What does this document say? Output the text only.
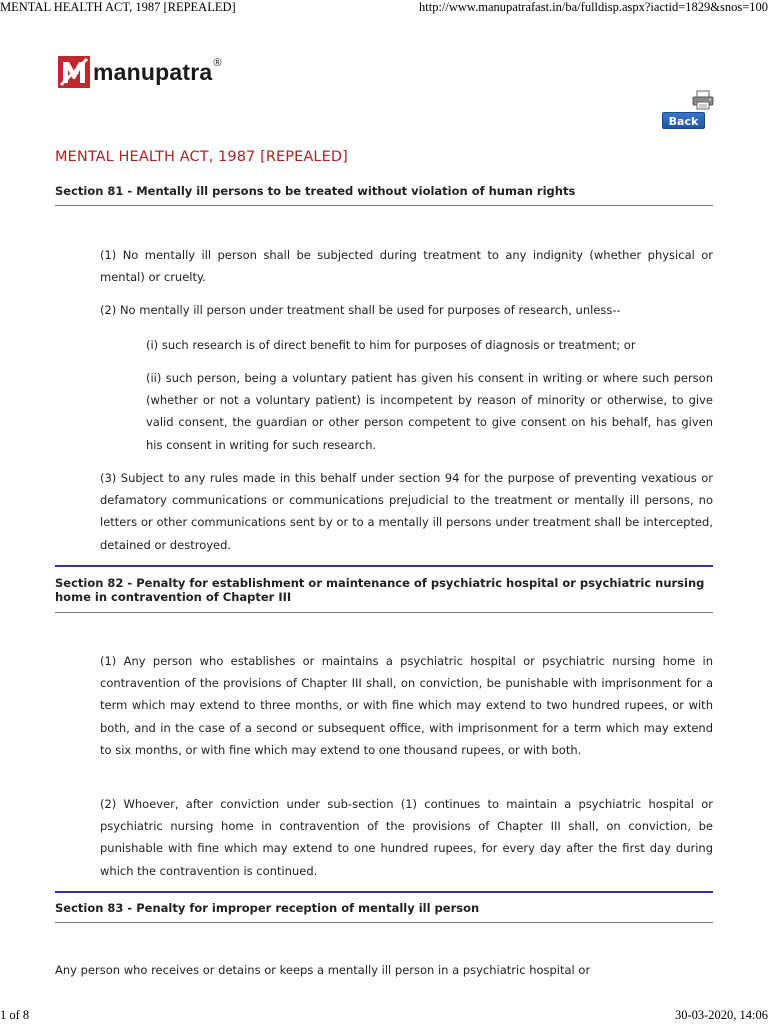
MENTAL HEALTH ACT, 1987 [REPEALED]	http://www.manupatrafast.in/ba/fulldisp.aspx?iactid=1829&snos=100
manupatra ®
Back
MENTAL HEALTH ACT, 1987 [REPEALED]
Section 81 - Mentally ill persons to be treated without violation of human rights
(1) No mentally ill person shall be subjected during treatment to any indignity (whether physical or mental) or cruelty.
(2) No mentally ill person under treatment shall be used for purposes of research, unless--
(i) such research is of direct benefit to him for purposes of diagnosis or treatment; or
(ii) such person, being a voluntary patient has given his consent in writing or where such person (whether or not a voluntary patient) is incompetent by reason of minority or otherwise, to give valid consent, the guardian or other person competent to give consent on his behalf, has given his consent in writing for such research.
(3) Subject to any rules made in this behalf under section 94 for the purpose of preventing vexatious or defamatory communications or communications prejudicial to the treatment or mentally ill persons, no letters or other communications sent by or to a mentally ill persons under treatment shall be intercepted, detained or destroyed.
Section 82 - Penalty for establishment or maintenance of psychiatric hospital or psychiatric nursing home in contravention of Chapter III
(1) Any person who establishes or maintains a psychiatric hospital or psychiatric nursing home in contravention of the provisions of Chapter III shall, on conviction, be punishable with imprisonment for a term which may extend to three months, or with fine which may extend to two hundred rupees, or with both, and in the case of a second or subsequent office, with imprisonment for a term which may extend to six months, or with fine which may extend to one thousand rupees, or with both.
(2) Whoever, after conviction under sub-section (1) continues to maintain a psychiatric hospital or psychiatric nursing home in contravention of the provisions of Chapter III shall, on conviction, be punishable with fine which may extend to one hundred rupees, for every day after the first day during which the contravention is continued.
Section 83 - Penalty for improper reception of mentally ill person
Any person who receives or detains or keeps a mentally ill person in a psychiatric hospital or
1 of 8	30-03-2020, 14:06
